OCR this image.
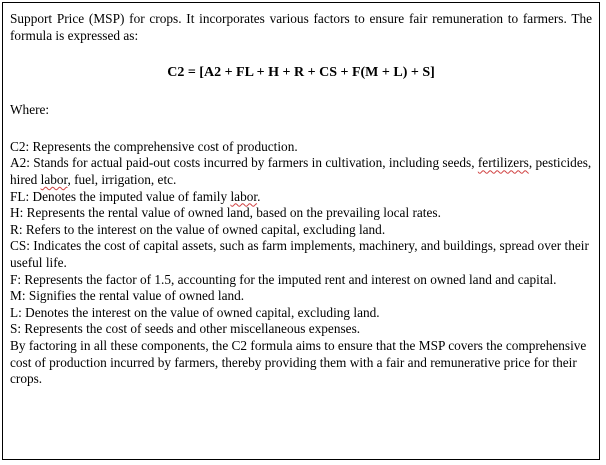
Support Price (MSP) for crops. It incorporates various factors to ensure fair remuneration to farmers. The formula is expressed as:

C2 = [A2 + FL + H + R + CS + F(M + L) + S]

Where:

C2: Represents the comprehensive cost of production.

A2: Stands for actual paid-out costs incurred by farmers in cultivation, including seeds, fertilizers, pesticides, hired labor, fuel, irrigation, etc.

FL: Denotes the imputed value of family labor.

H: Represents the rental value of owned land, based on the prevailing local rates.

R: Refers to the interest on the value of owned capital, excluding land.

CS: Indicates the cost of capital assets, such as farm implements, machinery, and buildings, spread over their useful life.

F: Represents the factor of 1.5, accounting for the imputed rent and interest on owned land and capital.

M: Signifies the rental value of owned land.

L: Denotes the interest on the value of owned capital, excluding land.

S: Represents the cost of seeds and other miscellaneous expenses.

By factoring in all these components, the C2 formula aims to ensure that the MSP covers the comprehensive cost of production incurred by farmers, thereby providing them with a fair and remunerative price for their crops.
